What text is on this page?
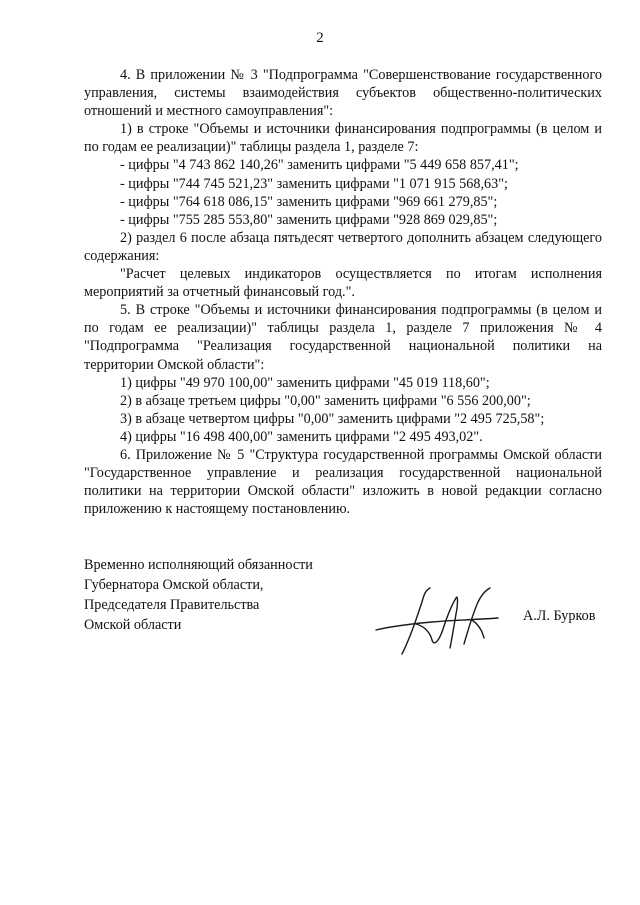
2

4. В приложении № 3 "Подпрограмма "Совершенствование государственного управления, системы взаимодействия субъектов общественно-политических отношений и местного самоуправления":

1) в строке "Объемы и источники финансирования подпрограммы (в целом и по годам ее реализации)" таблицы раздела 1, разделе 7:

- цифры "4 743 862 140,26" заменить цифрами "5 449 658 857,41";

- цифры "744 745 521,23" заменить цифрами "1 071 915 568,63";

- цифры "764 618 086,15" заменить цифрами "969 661 279,85";

- цифры "755 285 553,80" заменить цифрами "928 869 029,85";

2) раздел 6 после абзаца пятьдесят четвертого дополнить абзацем следующего содержания:

"Расчет целевых индикаторов осуществляется по итогам исполнения мероприятий за отчетный финансовый год.".

5. В строке "Объемы и источники финансирования подпрограммы (в целом и по годам ее реализации)" таблицы раздела 1, разделе 7 приложения № 4 "Подпрограмма "Реализация государственной национальной политики на территории Омской области":

1) цифры "49 970 100,00" заменить цифрами "45 019 118,60";

2) в абзаце третьем цифры "0,00" заменить цифрами "6 556 200,00";

3) в абзаце четвертом цифры "0,00" заменить цифрами "2 495 725,58";

4) цифры "16 498 400,00" заменить цифрами "2 495 493,02".

6. Приложение № 5 "Структура государственной программы Омской области "Государственное управление и реализация государственной национальной политики на территории Омской области" изложить в новой редакции согласно приложению к настоящему постановлению.

Временно исполняющий обязанности
Губернатора Омской области,
Председателя Правительства
Омской области
А.Л. Бурков
